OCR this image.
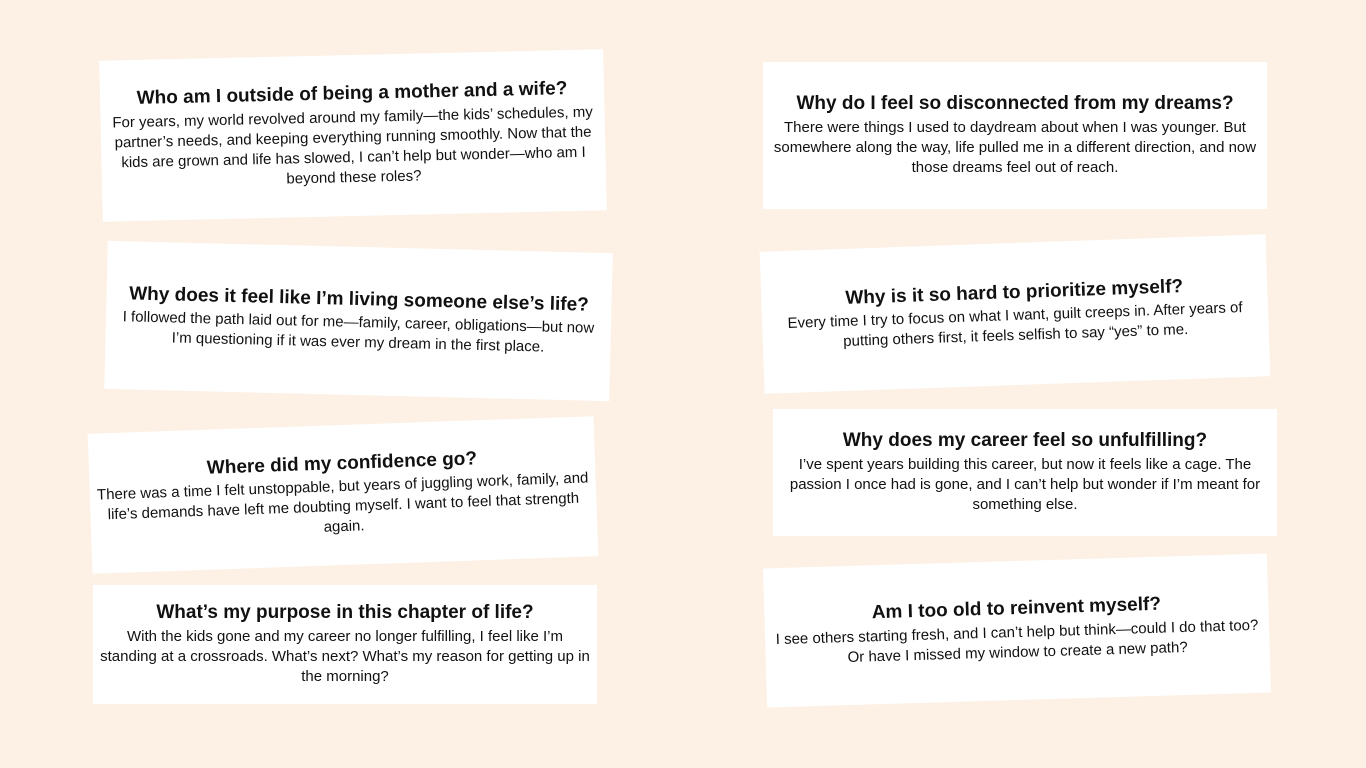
Who am I outside of being a mother and a wife?

For years, my world revolved around my family—the kids’ schedules, my partner’s needs, and keeping everything running smoothly. Now that the kids are grown and life has slowed, I can’t help but wonder—who am I beyond these roles?

Why do I feel so disconnected from my dreams?

There were things I used to daydream about when I was younger. But somewhere along the way, life pulled me in a different direction, and now those dreams feel out of reach.

Why does it feel like I’m living someone else’s life?

I followed the path laid out for me—family, career, obligations—but now I’m questioning if it was ever my dream in the first place.

Why is it so hard to prioritize myself?

Every time I try to focus on what I want, guilt creeps in. After years of putting others first, it feels selfish to say “yes” to me.

Where did my confidence go?

There was a time I felt unstoppable, but years of juggling work, family, and life’s demands have left me doubting myself. I want to feel that strength again.

Why does my career feel so unfulfilling?

I’ve spent years building this career, but now it feels like a cage. The passion I once had is gone, and I can’t help but wonder if I’m meant for something else.

What’s my purpose in this chapter of life?

With the kids gone and my career no longer fulfilling, I feel like I’m standing at a crossroads. What’s next? What’s my reason for getting up in the morning?

Am I too old to reinvent myself?

I see others starting fresh, and I can’t help but think—could I do that too? Or have I missed my window to create a new path?
